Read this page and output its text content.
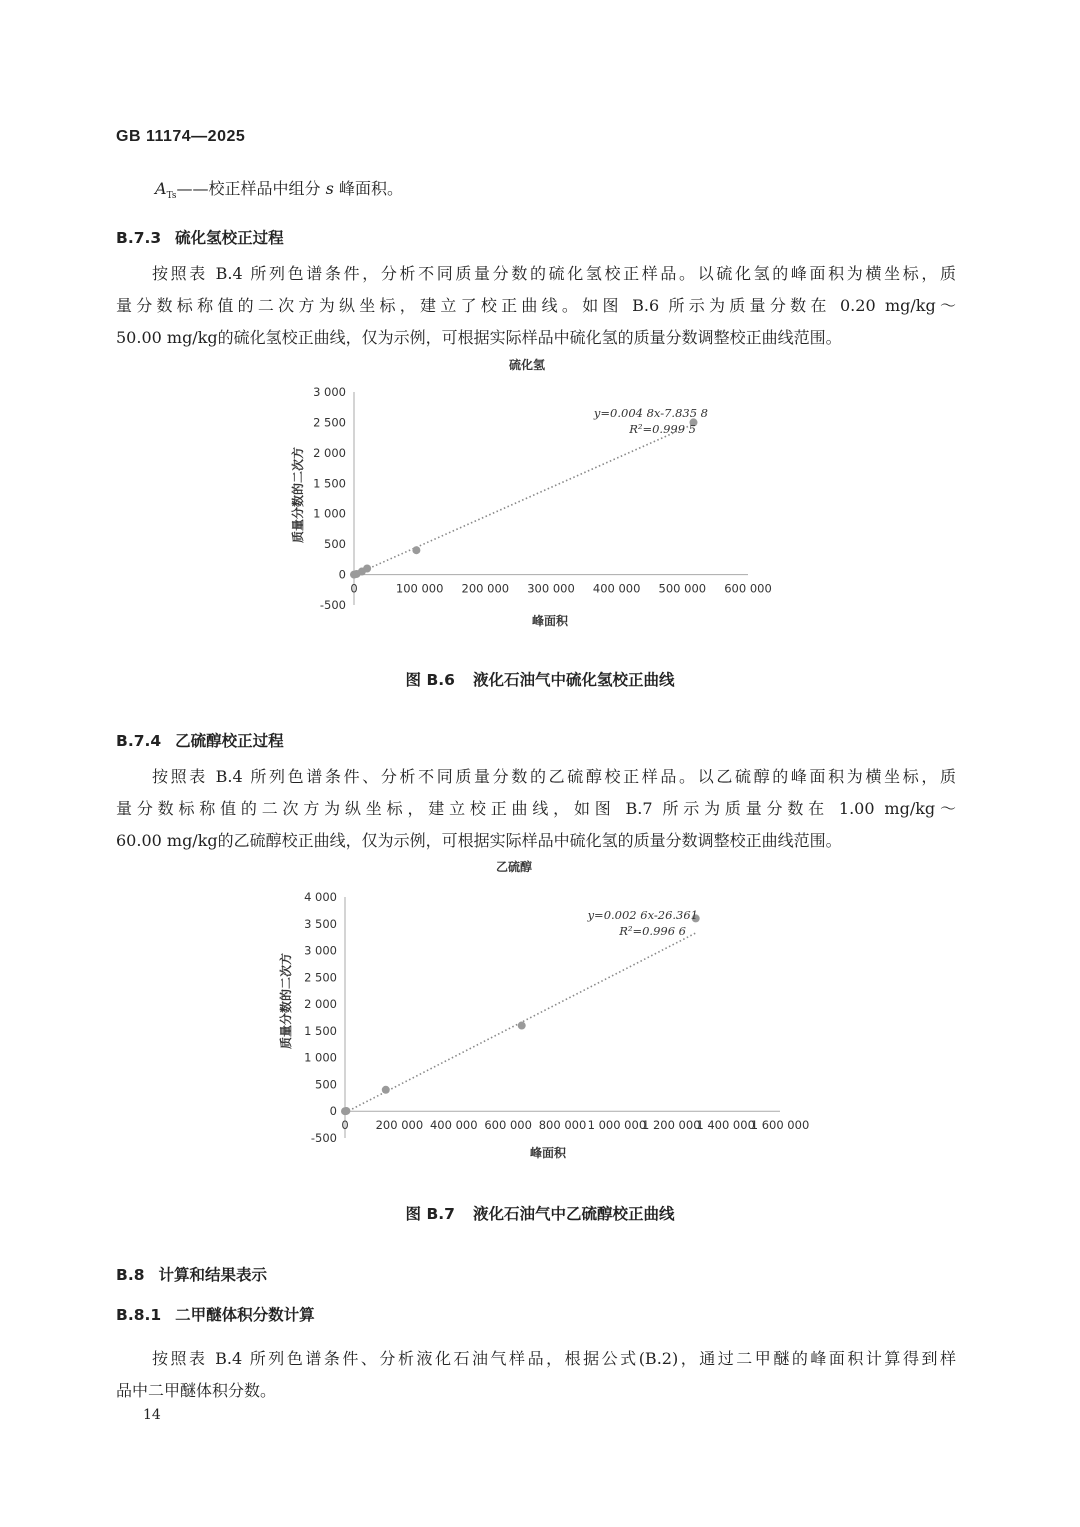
GB 11174—2025
$A_{Ts}——$校正样品中组分 s 峰面积。
B.7.3 硫化氢校正过程
按照表 B.4 所列色谱条件，分析不同质量分数的硫化氢校正样品。以硫化氢的峰面积为横坐标，质
量分数标称值的二次方为纵坐标，建立了校正曲线。如图 B.6 所示为质量分数在 0.20 mg/kg～
50.00 mg/kg的硫化氢校正曲线，仅为示例，可根据实际样品中硫化氢的质量分数调整校正曲线范围。
硫化氢
-500
0
500
1 000
1 500
2 000
2 500
3 000
0	100 000 200 000 300 000 400 000 500 000 600 000
峰面积
质量分数的二次方
y=0.004 8x-7.835 8
R²=0.999 5
图 B.6 液化石油气中硫化氢校正曲线
B.7.4 乙硫醇校正过程
按照表 B.4 所列色谱条件、分析不同质量分数的乙硫醇校正样品。以乙硫醇的峰面积为横坐标，质
量分数标称值的二次方为纵坐标，建立校正曲线，如图 B.7 所示为质量分数在 1.00 mg/kg～
60.00 mg/kg的乙硫醇校正曲线，仅为示例，可根据实际样品中硫化氢的质量分数调整校正曲线范围。
乙硫醇
-500
0
500
1 000
1 500
2 000
2 500
3 000
3 500
4 000
0 200 000 400 000 600 000 800 000 1 000 000
1 200 000
1 400 000
1 600 000
峰面积
质量分数的二次方
y=0.002 6x-26.361
R²=0.996 6
图 B.7 液化石油气中乙硫醇校正曲线
B.8 计算和结果表示
B.8.1 二甲醚体积分数计算
按照表 B.4 所列色谱条件、分析液化石油气样品，根据公式(B.2)，通过二甲醚的峰面积计算得到样
品中二甲醚体积分数。
14
